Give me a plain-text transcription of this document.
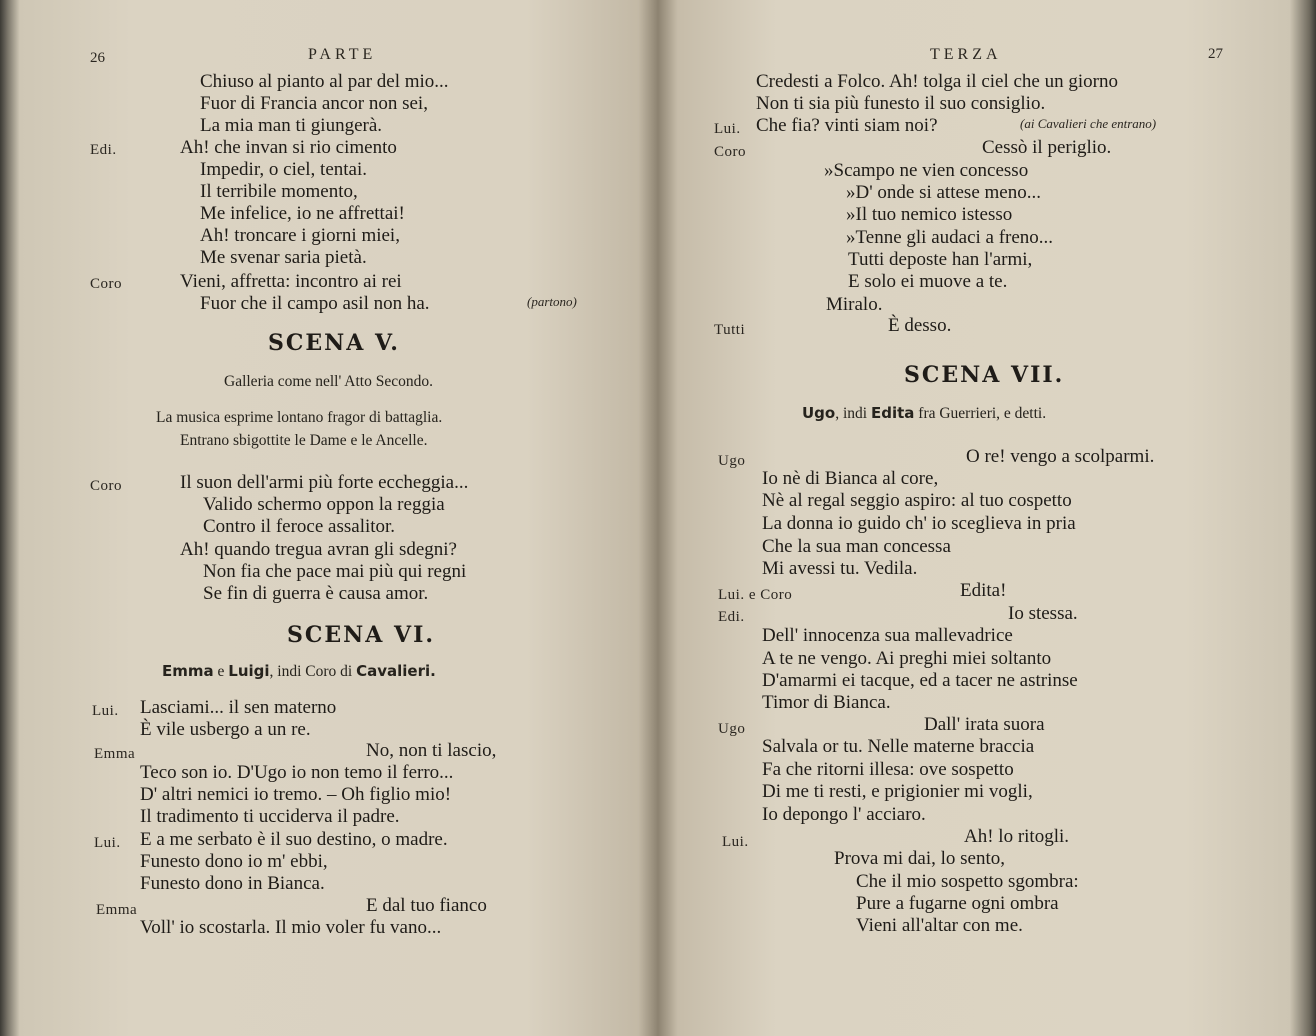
26	PARTE
Chiuso al pianto al par del mio...
Fuor di Francia ancor non sei,
La mia man ti giungerà.
Edi.	Ah! che invan si rio cimento
Impedir, o ciel, tentai.
Il terribile momento,
Me infelice, io ne affrettai!
Ah! troncare i giorni miei,
Me svenar saria pietà.
Coro	Vieni, affretta: incontro ai rei
Fuor che il campo asil non ha.	(partono)
SCENA V.
Galleria come nell' Atto Secondo.
La musica esprime lontano fragor di battaglia.
Entrano sbigottite le Dame e le Ancelle.
Coro	Il suon dell'armi più forte eccheggia...
Valido schermo oppon la reggia
Contro il feroce assalitor.
Ah! quando tregua avran gli sdegni?
Non fia che pace mai più qui regni
Se fin di guerra è causa amor.
SCENA VI.
Emma e Luigi, indi Coro di Cavalieri.
Lui. Lasciami... il sen materno
È vile usbergo a un re.
Emma	No, non ti lascio,
Teco son io. D'Ugo io non temo il ferro...
D' altri nemici io tremo. – Oh figlio mio!
Il tradimento ti ucciderva il padre.
Lui. E a me serbato è il suo destino, o madre.
Funesto dono io m' ebbi,
Funesto dono in Bianca.
Emma	E dal tuo fianco
Voll' io scostarla. Il mio voler fu vano...
TERZA	27
Credesti a Folco. Ah! tolga il ciel che un giorno
Non ti sia più funesto il suo consiglio.
Lui. Che fia? vinti siam noi?	(ai Cavalieri che entrano)
Coro	Cessò il periglio.
»Scampo ne vien concesso
»D' onde si attese meno...
»Il tuo nemico istesso
»Tenne gli audaci a freno...
Tutti deposte han l'armi,
E solo ei muove a te.
Miralo.
Tutti	È desso.
SCENA VII.
Ugo, indi Edita fra Guerrieri, e detti.
Ugo	O re! vengo a scolparmi.
Io nè di Bianca al core,
Nè al regal seggio aspiro: al tuo cospetto
La donna io guido ch' io sceglieva in pria
Che la sua man concessa
Mi avessi tu. Vedila.
Lui. e Coro	Edita!
Edi.	Io stessa.
Dell' innocenza sua mallevadrice
A te ne vengo. Ai preghi miei soltanto
D'amarmi ei tacque, ed a tacer ne astrinse
Timor di Bianca.
Ugo	Dall' irata suora
Salvala or tu. Nelle materne braccia
Fa che ritorni illesa: ove sospetto
Di me ti resti, e prigionier mi vogli,
Io depongo l' acciaro.
Lui.	Ah! lo ritogli.
Prova mi dai, lo sento,
Che il mio sospetto sgombra:
Pure a fugarne ogni ombra
Vieni all'altar con me.
